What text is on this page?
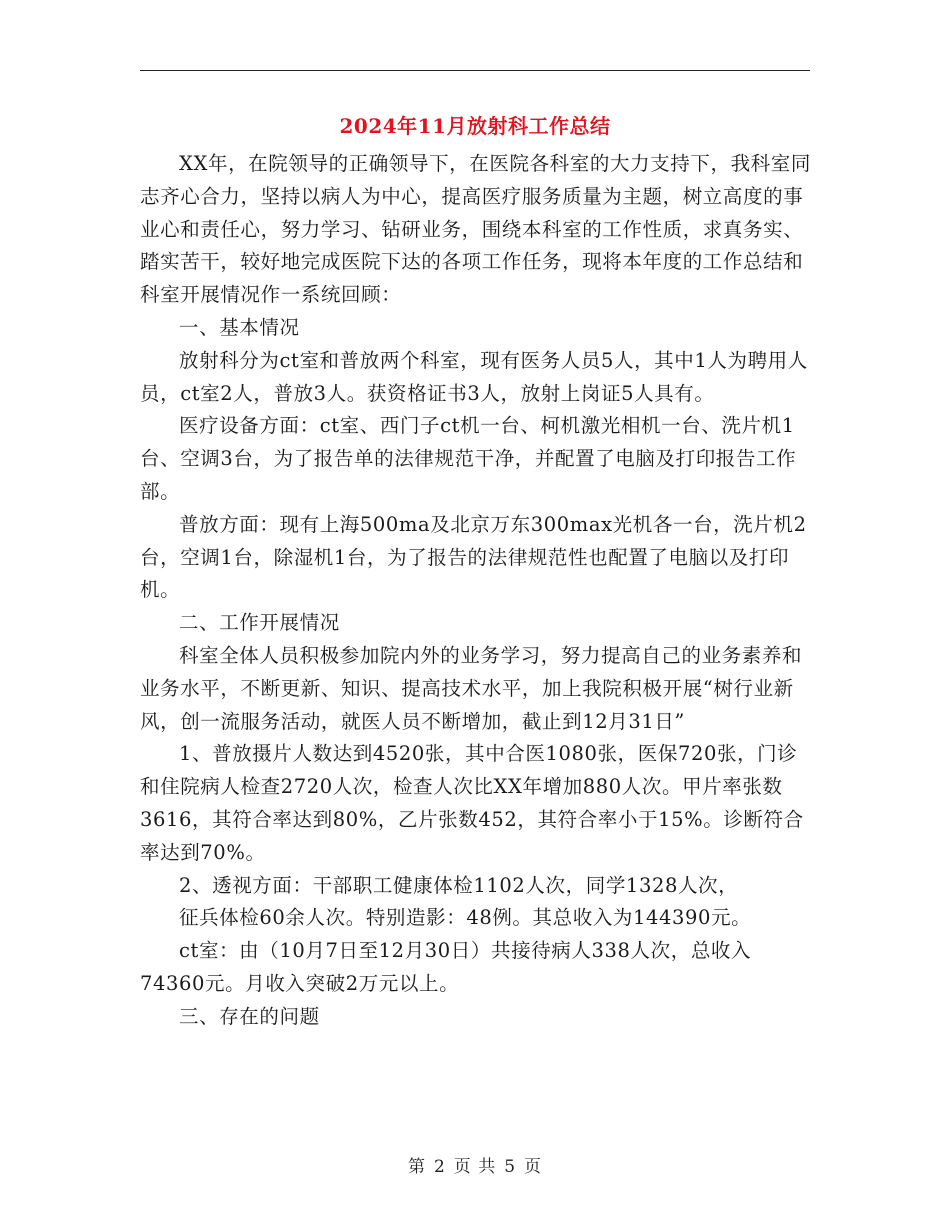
2024年11月放射科工作总结

XX年，在院领导的正确领导下，在医院各科室的大力支持下，我科室同志齐心合力，坚持以病人为中心，提高医疗服务质量为主题，树立高度的事业心和责任心，努力学习、钻研业务，围绕本科室的工作性质，求真务实、踏实苦干，较好地完成医院下达的各项工作任务，现将本年度的工作总结和科室开展情况作一系统回顾：

一、基本情况

放射科分为ct室和普放两个科室，现有医务人员5人，其中1人为聘用人员，ct室2人，普放3人。获资格证书3人，放射上岗证5人具有。

医疗设备方面：ct室、西门子ct机一台、柯机激光相机一台、洗片机1台、空调3台，为了报告单的法律规范干净，并配置了电脑及打印报告工作部。

普放方面：现有上海500ma及北京万东300max光机各一台，洗片机2台，空调1台，除湿机1台，为了报告的法律规范性也配置了电脑以及打印机。

二、工作开展情况

科室全体人员积极参加院内外的业务学习，努力提高自己的业务素养和业务水平，不断更新、知识、提高技术水平，加上我院积极开展“树行业新风，创一流服务活动，就医人员不断增加，截止到12月31日”

1、普放摄片人数达到4520张，其中合医1080张，医保720张，门诊和住院病人检查2720人次，检查人次比XX年增加880人次。甲片率张数3616，其符合率达到80%，乙片张数452，其符合率小于15%。诊断符合率达到70%。

2、透视方面：干部职工健康体检1102人次，同学1328人次，

征兵体检60余人次。特别造影：48例。其总收入为144390元。

ct室：由（10月7日至12月30日）共接待病人338人次，总收入74360元。月收入突破2万元以上。

三、存在的问题

第 2 页 共 5 页
